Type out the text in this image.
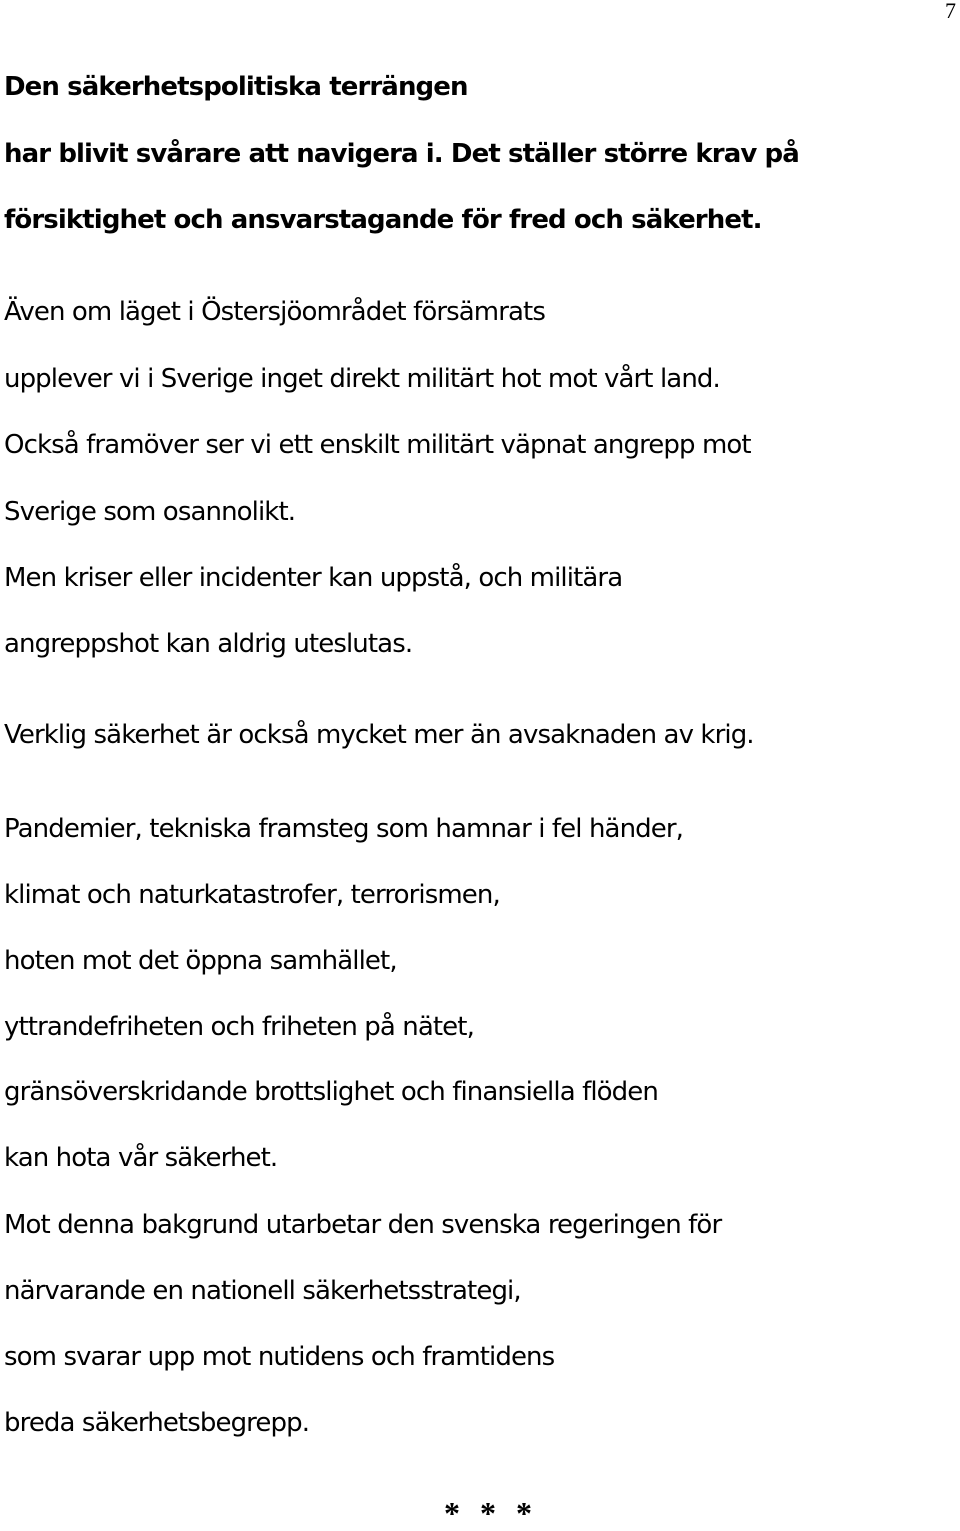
7
Den säkerhetspolitiska terrängen
har blivit svårare att navigera i. Det ställer större krav på
försiktighet och ansvarstagande för fred och säkerhet.
Även om läget i Östersjöområdet försämrats
upplever vi i Sverige inget direkt militärt hot mot vårt land.
Också framöver ser vi ett enskilt militärt väpnat angrepp mot
Sverige som osannolikt.
Men kriser eller incidenter kan uppstå, och militära
angreppshot kan aldrig uteslutas.
Verklig säkerhet är också mycket mer än avsaknaden av krig.
Pandemier, tekniska framsteg som hamnar i fel händer,
klimat och naturkatastrofer, terrorismen,
hoten mot det öppna samhället,
yttrandefriheten och friheten på nätet,
gränsöverskridande brottslighet och finansiella flöden
kan hota vår säkerhet.
Mot denna bakgrund utarbetar den svenska regeringen för
närvarande en nationell säkerhetsstrategi,
som svarar upp mot nutidens och framtidens
breda säkerhetsbegrepp.
* * *
